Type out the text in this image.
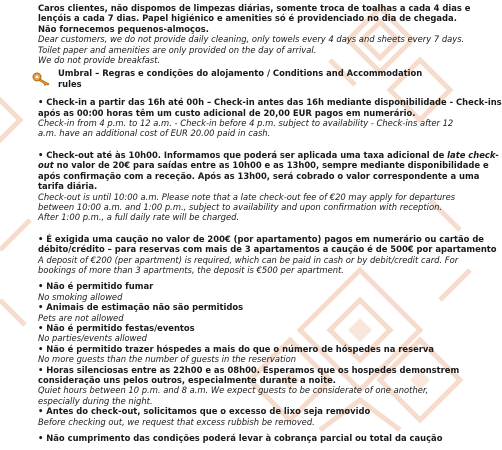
Caros clientes, não dispomos de limpezas diárias, somente troca de toalhas a cada 4 dias e
lençóis a cada 7 dias. Papel higiénico e amenities só é providenciado no dia de chegada.
Não fornecemos pequenos-almoços.
Dear customers, we do not provide daily cleaning, only towels every 4 days and sheets every 7 days.
Toilet paper and amenities are only provided on the day of arrival.
We do not provide breakfast.
Umbral – Regras e condições do alojamento / Conditions and Accommodation rules
• Check-in a partir das 16h até 00h – Check-in antes das 16h mediante disponibilidade - Check-ins
após as 00:00 horas têm um custo adicional de 20,00 EUR pagos em numerário.
Check-in from 4 p.m. to 12 a.m. - Check-in before 4 p.m. subject to availability - Check-ins after 12
a.m. have an additional cost of EUR 20.00 paid in cash.
• Check-out até às 10h00. Informamos que poderá ser aplicada uma taxa adicional de late check-
out no valor de 20€ para saídas entre as 10h00 e as 13h00, sempre mediante disponibilidade e
após confirmação com a receção. Após as 13h00, será cobrado o valor correspondente a uma
tarifa diária.
Check-out is until 10:00 a.m. Please note that a late check-out fee of €20 may apply for departures
between 10:00 a.m. and 1:00 p.m., subject to availability and upon confirmation with reception.
After 1:00 p.m., a full daily rate will be charged.
• É exigida uma caução no valor de 200€ (por apartamento) pagos em numerário ou cartão de
débito/crédito – para reservas com mais de 3 apartamentos a caução é de 500€ por apartamento
A deposit of €200 (per apartment) is required, which can be paid in cash or by debit/credit card. For
bookings of more than 3 apartments, the deposit is €500 per apartment.
• Não é permitido fumar
No smoking allowed
• Animais de estimação não são permitidos
Pets are not allowed
• Não é permitido festas/eventos
No parties/events allowed
• Não é permitido trazer hóspedes a mais do que o número de hóspedes na reserva
No more guests than the number of guests in the reservation
• Horas silenciosas entre as 22h00 e as 08h00. Esperamos que os hospedes demonstrem
consideração uns pelos outros, especialmente durante a noite.
Quiet hours between 10 p.m. and 8 a.m. We expect guests to be considerate of one another,
especially during the night.
• Antes do check-out, solicitamos que o excesso de lixo seja removido
Before checking out, we request that excess rubbish be removed.
• Não cumprimento das condições poderá levar à cobrança parcial ou total da caução
